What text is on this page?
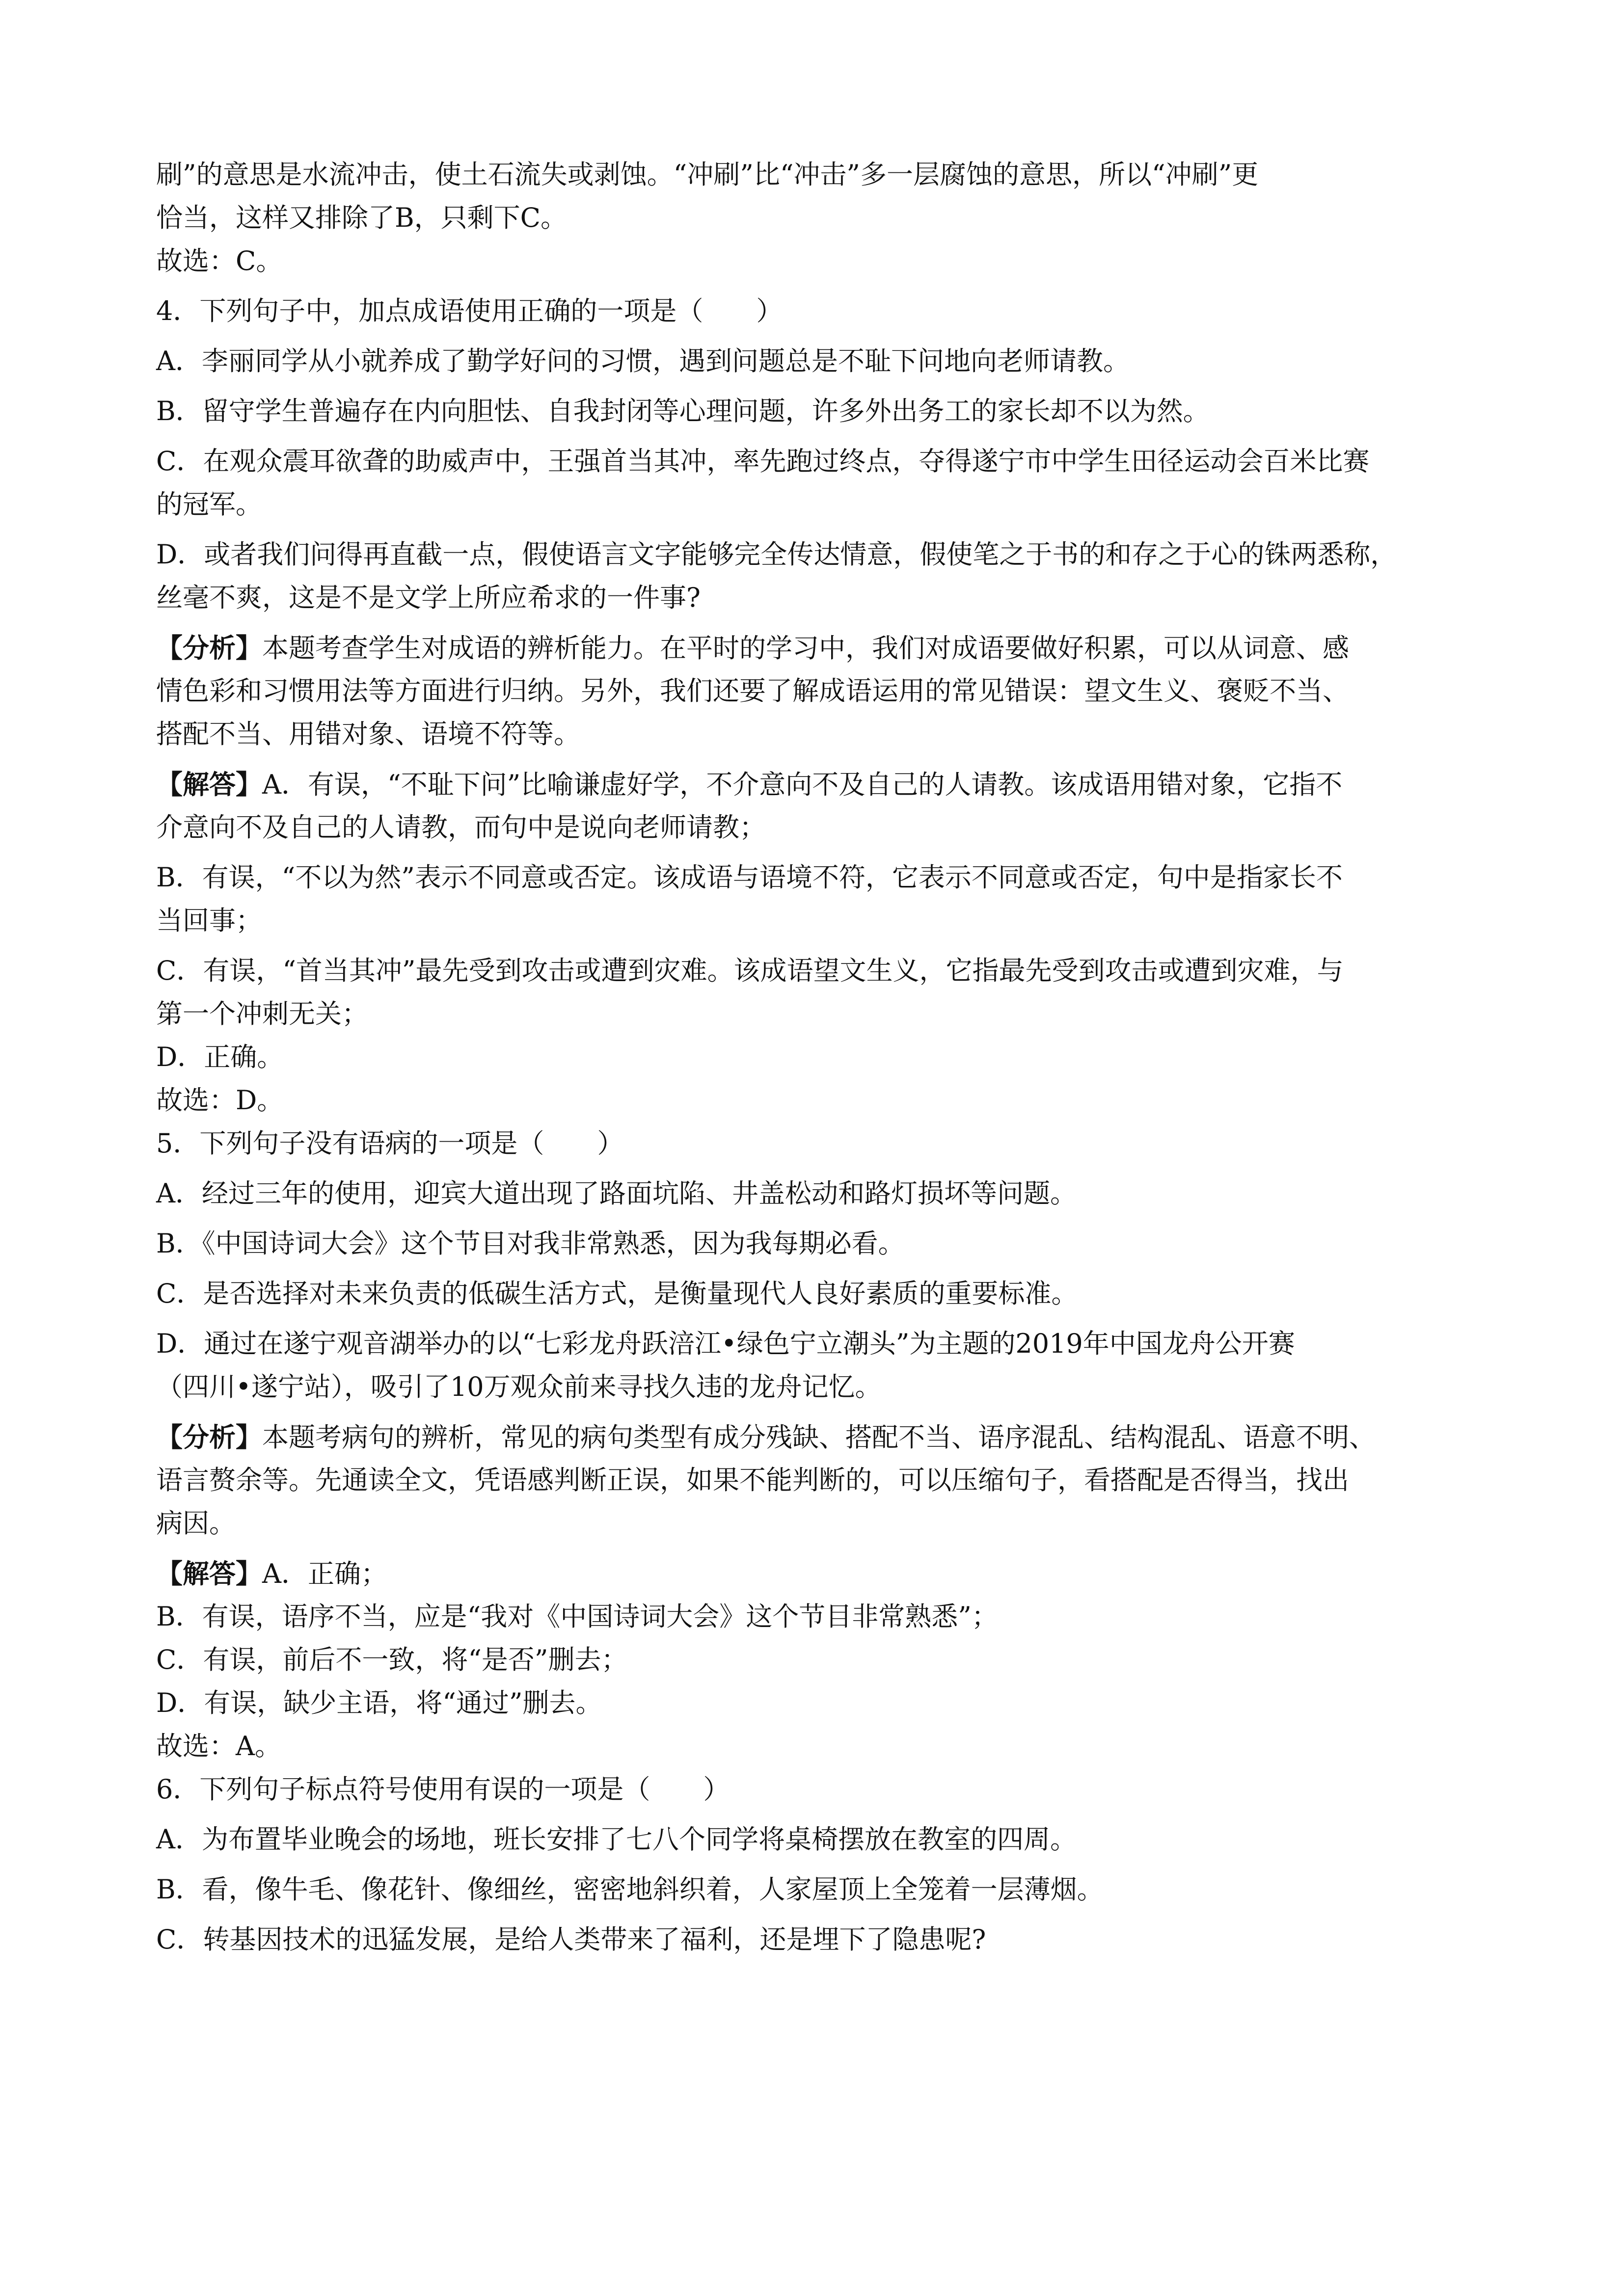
刷”的意思是水流冲击，使土石流失或剥蚀。“冲刷”比“冲击”多一层腐蚀的意思，所以“冲刷”更
恰当，这样又排除了B，只剩下C。
故选：C。
4．下列句子中，加点成语使用正确的一项是（　　）
A．李丽同学从小就养成了勤学好问的习惯，遇到问题总是不耻下问地向老师请教。
B．留守学生普遍存在内向胆怯、自我封闭等心理问题，许多外出务工的家长却不以为然。
C．在观众震耳欲聋的助威声中，王强首当其冲，率先跑过终点，夺得遂宁市中学生田径运动会百米比赛
的冠军。
D．或者我们问得再直截一点，假使语言文字能够完全传达情意，假使笔之于书的和存之于心的铢两悉称，
丝毫不爽，这是不是文学上所应希求的一件事?
【分析】本题考查学生对成语的辨析能力。在平时的学习中，我们对成语要做好积累，可以从词意、感
情色彩和习惯用法等方面进行归纳。另外，我们还要了解成语运用的常见错误：望文生义、褒贬不当、
搭配不当、用错对象、语境不符等。
【解答】A．有误，“不耻下问”比喻谦虚好学，不介意向不及自己的人请教。该成语用错对象，它指不
介意向不及自己的人请教，而句中是说向老师请教；
B．有误，“不以为然”表示不同意或否定。该成语与语境不符，它表示不同意或否定，句中是指家长不
当回事；
C．有误，“首当其冲”最先受到攻击或遭到灾难。该成语望文生义，它指最先受到攻击或遭到灾难，与
第一个冲刺无关；
D．正确。
故选：D。
5．下列句子没有语病的一项是（　　）
A．经过三年的使用，迎宾大道出现了路面坑陷、井盖松动和路灯损坏等问题。
B．《中国诗词大会》这个节目对我非常熟悉，因为我每期必看。
C．是否选择对未来负责的低碳生活方式，是衡量现代人良好素质的重要标准。
D．通过在遂宁观音湖举办的以“七彩龙舟跃涪江•绿色宁立潮头”为主题的2019年中国龙舟公开赛
（四川•遂宁站），吸引了10万观众前来寻找久违的龙舟记忆。
【分析】本题考病句的辨析，常见的病句类型有成分残缺、搭配不当、语序混乱、结构混乱、语意不明、
语言赘余等。先通读全文，凭语感判断正误，如果不能判断的，可以压缩句子，看搭配是否得当，找出
病因。
【解答】A．正确；
B．有误，语序不当，应是“我对《中国诗词大会》这个节目非常熟悉”；
C．有误，前后不一致，将“是否”删去；
D．有误，缺少主语，将“通过”删去。
故选：A。
6．下列句子标点符号使用有误的一项是（　　）
A．为布置毕业晚会的场地，班长安排了七八个同学将桌椅摆放在教室的四周。
B．看，像牛毛、像花针、像细丝，密密地斜织着，人家屋顶上全笼着一层薄烟。
C．转基因技术的迅猛发展，是给人类带来了福利，还是埋下了隐患呢?
